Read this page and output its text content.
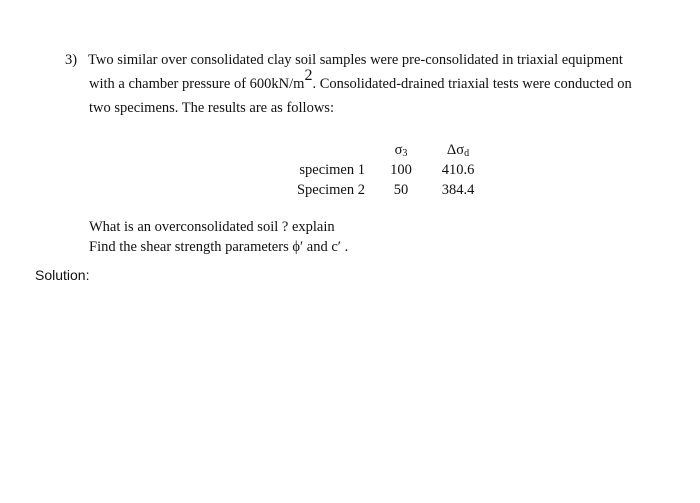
3) Two similar over consolidated clay soil samples were pre-consolidated in triaxial equipment
with a chamber pressure of $600kN/m^2$. Consolidated-drained triaxial tests were conducted on
two specimens. The results are as follows:
	$\sigma_3$	$\Delta\sigma_d$
specimen 1	100	410.6
Specimen 2	50	384.4
What is an overconsolidated soil ? explain
Find the shear strength parameters ϕ′ and c′ .
Solution:
